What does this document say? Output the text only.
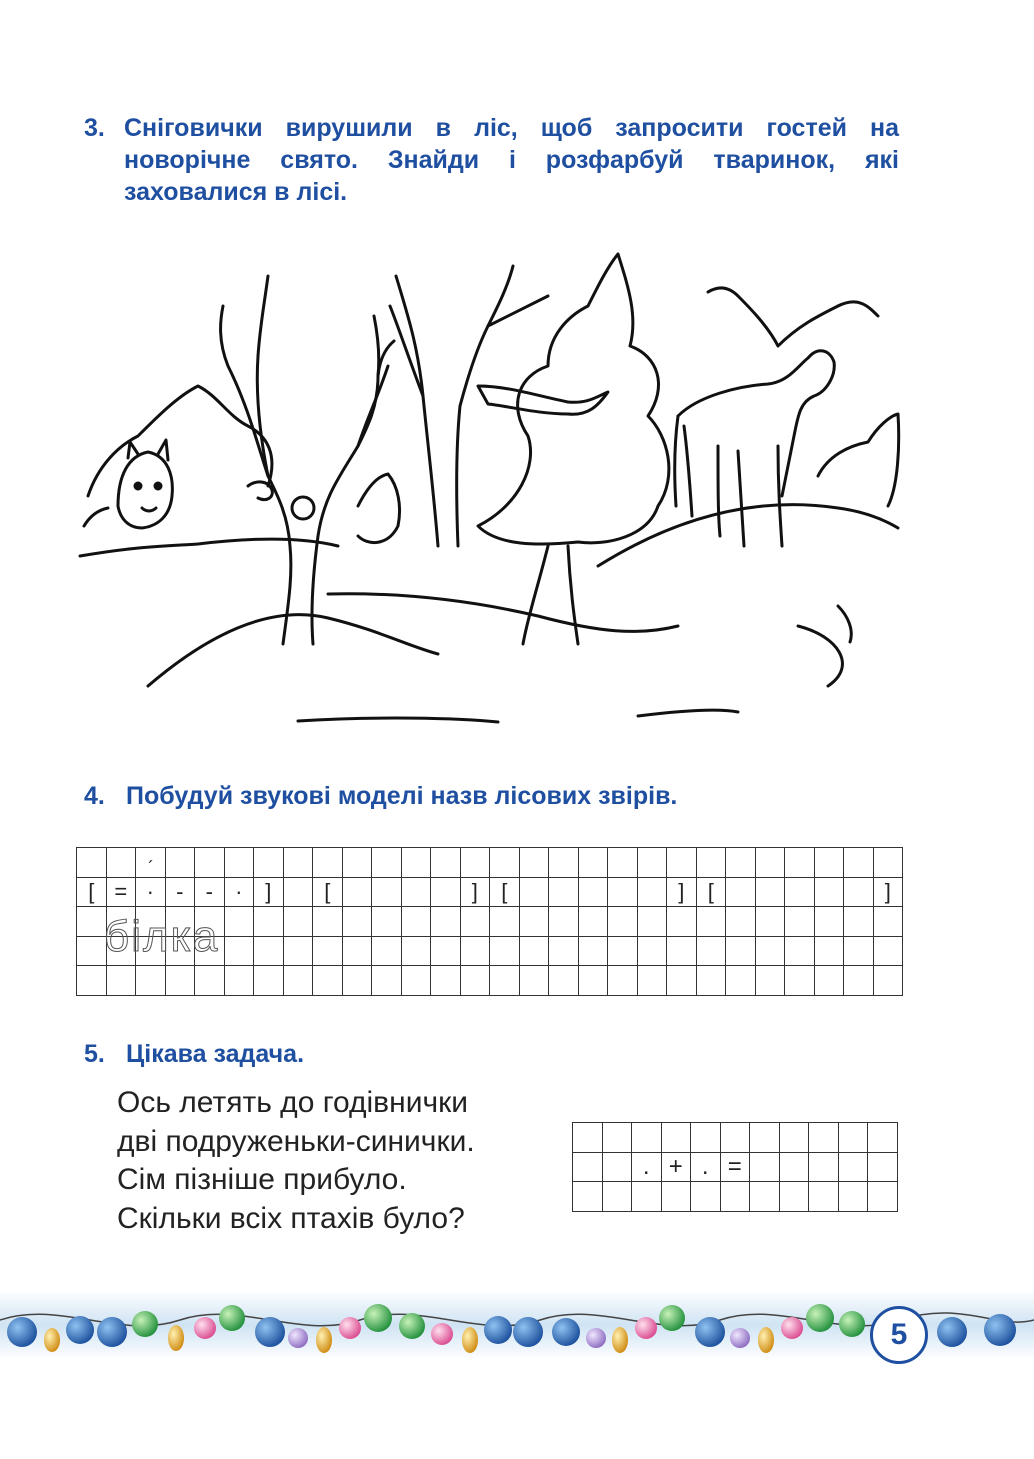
3. Сніговички вирушили в ліс, щоб запросити гостей на новорічне свято. Знайди і розфарбуй тваринок, які заховалися в лісі.
4. Побудуй звукові моделі назв лісових звірів.

[	=	·	-	-	·	]		[					]	[						]	[						]

´
білка
5. Цікава задача.
Ось летять до годівнички
дві подруженьки-синички.
Сім пізніше прибуло.
Скільки всіх птахів було?

		.	+	.	=					

5
